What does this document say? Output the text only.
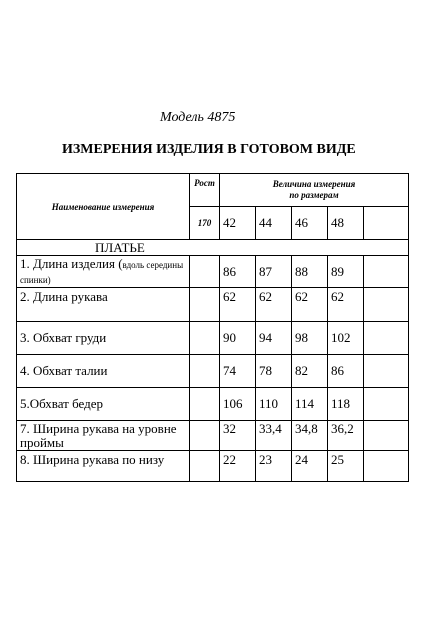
Модель 4875
ИЗМЕРЕНИЯ ИЗДЕЛИЯ В ГОТОВОМ ВИДЕ
Наименование измерения	Рост	Величина измерения
по размерам				

	170	42	44	46	48	
ПЛАТЬЕ						
1. Длина изделия (вдоль середины спинки)		86	87	88	89	
2. Длина рукава		62	62	62	62	
3. Обхват груди		90	94	98	102	
4. Обхват талии		74	78	82	86	
5.Обхват бедер		106	110	114	118	
7. Ширина рукава на уровне проймы		32	33,4	34,8	36,2	
8. Ширина рукава по низу		22	23	24	25	
